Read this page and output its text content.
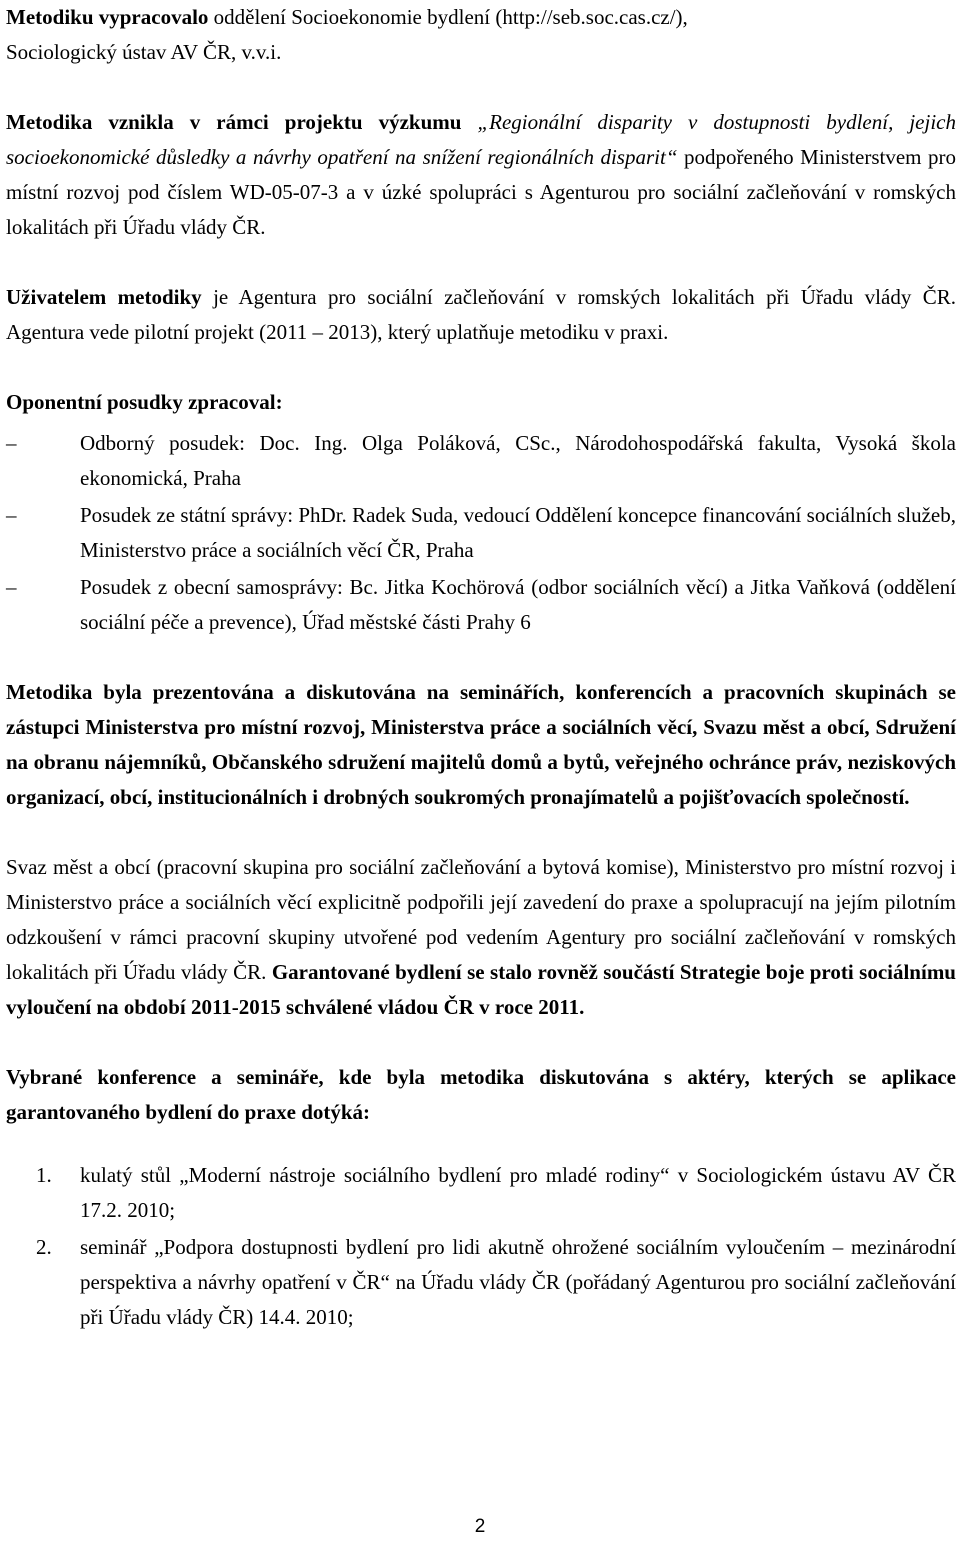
Metodiku vypracovalo oddělení Socioekonomie bydlení (http://seb.soc.cas.cz/),
Sociologický ústav AV ČR, v.v.i.

Metodika vznikla v rámci projektu výzkumu „Regionální disparity v dostupnosti bydlení, jejich socioekonomické důsledky a návrhy opatření na snížení regionálních disparit“ podpořeného Ministerstvem pro místní rozvoj pod číslem WD-05-07-3 a v úzké spolupráci s Agenturou pro sociální začleňování v romských lokalitách při Úřadu vlády ČR.

Uživatelem metodiky je Agentura pro sociální začleňování v romských lokalitách při Úřadu vlády ČR. Agentura vede pilotní projekt (2011 – 2013), který uplatňuje metodiku v praxi.

Oponentní posudky zpracoval:

–	Odborný posudek: Doc. Ing. Olga Poláková, CSc., Národohospodářská fakulta, Vysoká škola ekonomická, Praha
–	Posudek ze státní správy: PhDr. Radek Suda, vedoucí Oddělení koncepce financování sociálních služeb, Ministerstvo práce a sociálních věcí ČR, Praha
–	Posudek z obecní samosprávy: Bc. Jitka Kochörová (odbor sociálních věcí) a Jitka Vaňková (oddělení sociální péče a prevence), Úřad městské části Prahy 6

Metodika byla prezentována a diskutována na seminářích, konferencích a pracovních skupinách se zástupci Ministerstva pro místní rozvoj, Ministerstva práce a sociálních věcí, Svazu měst a obcí, Sdružení na obranu nájemníků, Občanského sdružení majitelů domů a bytů, veřejného ochránce práv, neziskových organizací, obcí, institucionálních i drobných soukromých pronajímatelů a pojišťovacích společností.

Svaz měst a obcí (pracovní skupina pro sociální začleňování a bytová komise), Ministerstvo pro místní rozvoj i Ministerstvo práce a sociálních věcí explicitně podpořili její zavedení do praxe a spolupracují na jejím pilotním odzkoušení v rámci pracovní skupiny utvořené pod vedením Agentury pro sociální začleňování v romských lokalitách při Úřadu vlády ČR. Garantované bydlení se stalo rovněž součástí Strategie boje proti sociálnímu vyloučení na období 2011-2015 schválené vládou ČR v roce 2011.

Vybrané konference a semináře, kde byla metodika diskutována s aktéry, kterých se aplikace garantovaného bydlení do praxe dotýká:

1. kulatý stůl „Moderní nástroje sociálního bydlení pro mladé rodiny“ v Sociologickém ústavu AV ČR 17.2. 2010;
2. seminář „Podpora dostupnosti bydlení pro lidi akutně ohrožené sociálním vyloučením – mezinárodní perspektiva a návrhy opatření v ČR“ na Úřadu vlády ČR (pořádaný Agenturou pro sociální začleňování při Úřadu vlády ČR) 14.4. 2010;
2
